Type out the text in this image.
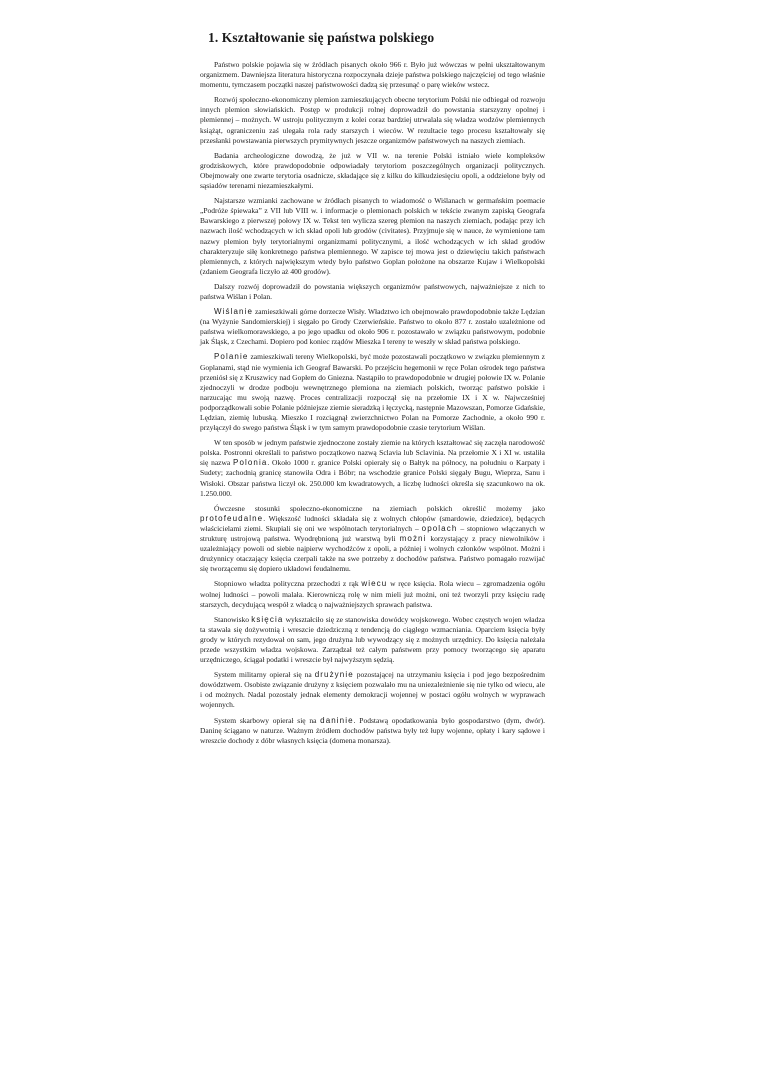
1. Kształtowanie się państwa polskiego

Państwo polskie pojawia się w źródłach pisanych około 966 r. Było już wówczas w pełni ukształtowanym organizmem. Dawniejsza literatura historyczna rozpoczynała dzieje państwa polskiego najczęściej od tego właśnie momentu, tymczasem początki naszej państwowości dadzą się przesunąć o parę wieków wstecz.

Rozwój społeczno-ekonomiczny plemion zamieszkujących obecne terytorium Polski nie odbiegał od rozwoju innych plemion słowiańskich. Postęp w produkcji rolnej doprowadził do powstania starszyzny opolnej i plemiennej – możnych. W ustroju politycznym z kolei coraz bardziej utrwalała się władza wodzów plemiennych książąt, ograniczeniu zaś ulegała rola rady starszych i wieców. W rezultacie tego procesu kształtowały się przesłanki powstawania pierwszych prymitywnych jeszcze organizmów państwowych na naszych ziemiach.

Badania archeologiczne dowodzą, że już w VII w. na terenie Polski istniało wiele kompleksów grodziskowych, które prawdopodobnie odpowiadały terytoriom poszczególnych organizacji politycznych. Obejmowały one zwarte terytoria osadnicze, składające się z kilku do kilkudziesięciu opoli, a oddzielone były od sąsiadów terenami niezamieszkałymi.

Najstarsze wzmianki zachowane w źródłach pisanych to wiadomość o Wiślanach w germańskim poemacie „Podróże śpiewaka” z VII lub VIII w. i informacje o plemionach polskich w tekście zwanym zapiską Geografa Bawarskiego z pierwszej połowy IX w. Tekst ten wylicza szereg plemion na naszych ziemiach, podając przy ich nazwach ilość wchodzących w ich skład opoli lub grodów (civitates). Przyjmuje się w nauce, że wymienione tam nazwy plemion były terytorialnymi organizmami politycznymi, a ilość wchodzących w ich skład grodów charakteryzuje siłę konkretnego państwa plemiennego. W zapisce tej mowa jest o dziewięciu takich państwach plemiennych, z których największym wtedy było państwo Goplan położone na obszarze Kujaw i Wielkopolski (zdaniem Geografa liczyło aż 400 grodów).

Dalszy rozwój doprowadził do powstania większych organizmów państwowych, najważniejsze z nich to państwa Wiślan i Polan.

Wiślanie zamieszkiwali górne dorzecze Wisły. Władztwo ich obejmowało prawdopodobnie także Lędzian (na Wyżynie Sandomierskiej) i sięgało po Grody Czerwieńskie. Państwo to około 877 r. zostało uzależnione od państwa wielkomorawskiego, a po jego upadku od około 906 r. pozostawało w związku państwowym, podobnie jak Śląsk, z Czechami. Dopiero pod koniec rządów Mieszka I tereny te weszły w skład państwa polskiego.

Polanie zamieszkiwali tereny Wielkopolski, być może pozostawali początkowo w związku plemiennym z Goplanami, stąd nie wymienia ich Geograf Bawarski. Po przejściu hegemonii w ręce Polan ośrodek tego państwa przeniósł się z Kruszwicy nad Gopłem do Gniezna. Nastąpiło to prawdopodobnie w drugiej połowie IX w. Polanie zjednoczyli w drodze podboju wewnętrznego plemiona na ziemiach polskich, tworząc państwo polskie i narzucając mu swoją nazwę. Proces centralizacji rozpoczął się na przełomie IX i X w. Najwcześniej podporządkowali sobie Polanie późniejsze ziemie sieradzką i łęczycką, następnie Mazowszan, Pomorze Gdańskie, Lędzian, ziemię lubuską. Mieszko I rozciągnął zwierzchnictwo Polan na Pomorze Zachodnie, a około 990 r. przyłączył do swego państwa Śląsk i w tym samym prawdopodobnie czasie terytorium Wiślan.

W ten sposób w jednym państwie zjednoczone zostały ziemie na których kształtować się zaczęła narodowość polska. Postronni określali to państwo początkowo nazwą Sclavia lub Sclavinia. Na przełomie X i XI w. ustaliła się nazwa Polonia. Około 1000 r. granice Polski opierały się o Bałtyk na północy, na południu o Karpaty i Sudety; zachodnią granicę stanowiła Odra i Bóbr; na wschodzie granice Polski sięgały Bugu, Wieprza, Sanu i Wisłoki. Obszar państwa liczył ok. 250.000 km kwadratowych, a liczbę ludności określa się szacunkowo na ok. 1.250.000.

Ówczesne stosunki społeczno-ekonomiczne na ziemiach polskich określić możemy jako protofeudalne. Większość ludności składała się z wolnych chłopów (smardowie, dziedzice), będących właścicielami ziemi. Skupiali się oni we wspólnotach terytorialnych – opolach – stopniowo włączanych w strukturę ustrojową państwa. Wyodrębnioną już warstwą byli możni korzystający z pracy niewolników i uzależniający powoli od siebie najpierw wychodźców z opoli, a później i wolnych członków wspólnot. Możni i drużynnicy otaczający księcia czerpali także na swe potrzeby z dochodów państwa. Państwo pomagało rozwijać się tworzącemu się dopiero układowi feudalnemu.

Stopniowo władza polityczna przechodzi z rąk wiecu w ręce księcia. Rola wiecu – zgromadzenia ogółu wolnej ludności – powoli malała. Kierowniczą rolę w nim mieli już możni, oni też tworzyli przy księciu radę starszych, decydującą wespół z władcą o najważniejszych sprawach państwa.

Stanowisko księcia wykształciło się ze stanowiska dowódcy wojskowego. Wobec częstych wojen władza ta stawała się dożywotnią i wreszcie dziedziczną z tendencją do ciągłego wzmacniania. Oparciem księcia były grody w których rezydował on sam, jego drużyna lub wywodzący się z możnych urzędnicy. Do księcia należała przede wszystkim władza wojskowa. Zarządzał też całym państwem przy pomocy tworzącego się aparatu urzędniczego, ściągał podatki i wreszcie był najwyższym sędzią.

System militarny opierał się na drużynie pozostającej na utrzymaniu księcia i pod jego bezpośrednim dowództwem. Osobiste związanie drużyny z księciem pozwalało mu na uniezależnienie się nie tylko od wiecu, ale i od możnych. Nadal pozostały jednak elementy demokracji wojennej w postaci ogółu wolnych w wyprawach wojennych.

System skarbowy opierał się na daninie. Podstawą opodatkowania było gospodarstwo (dym, dwór). Daninę ściągano w naturze. Ważnym źródłem dochodów państwa były też łupy wojenne, opłaty i kary sądowe i wreszcie dochody z dóbr własnych księcia (domena monarsza).
